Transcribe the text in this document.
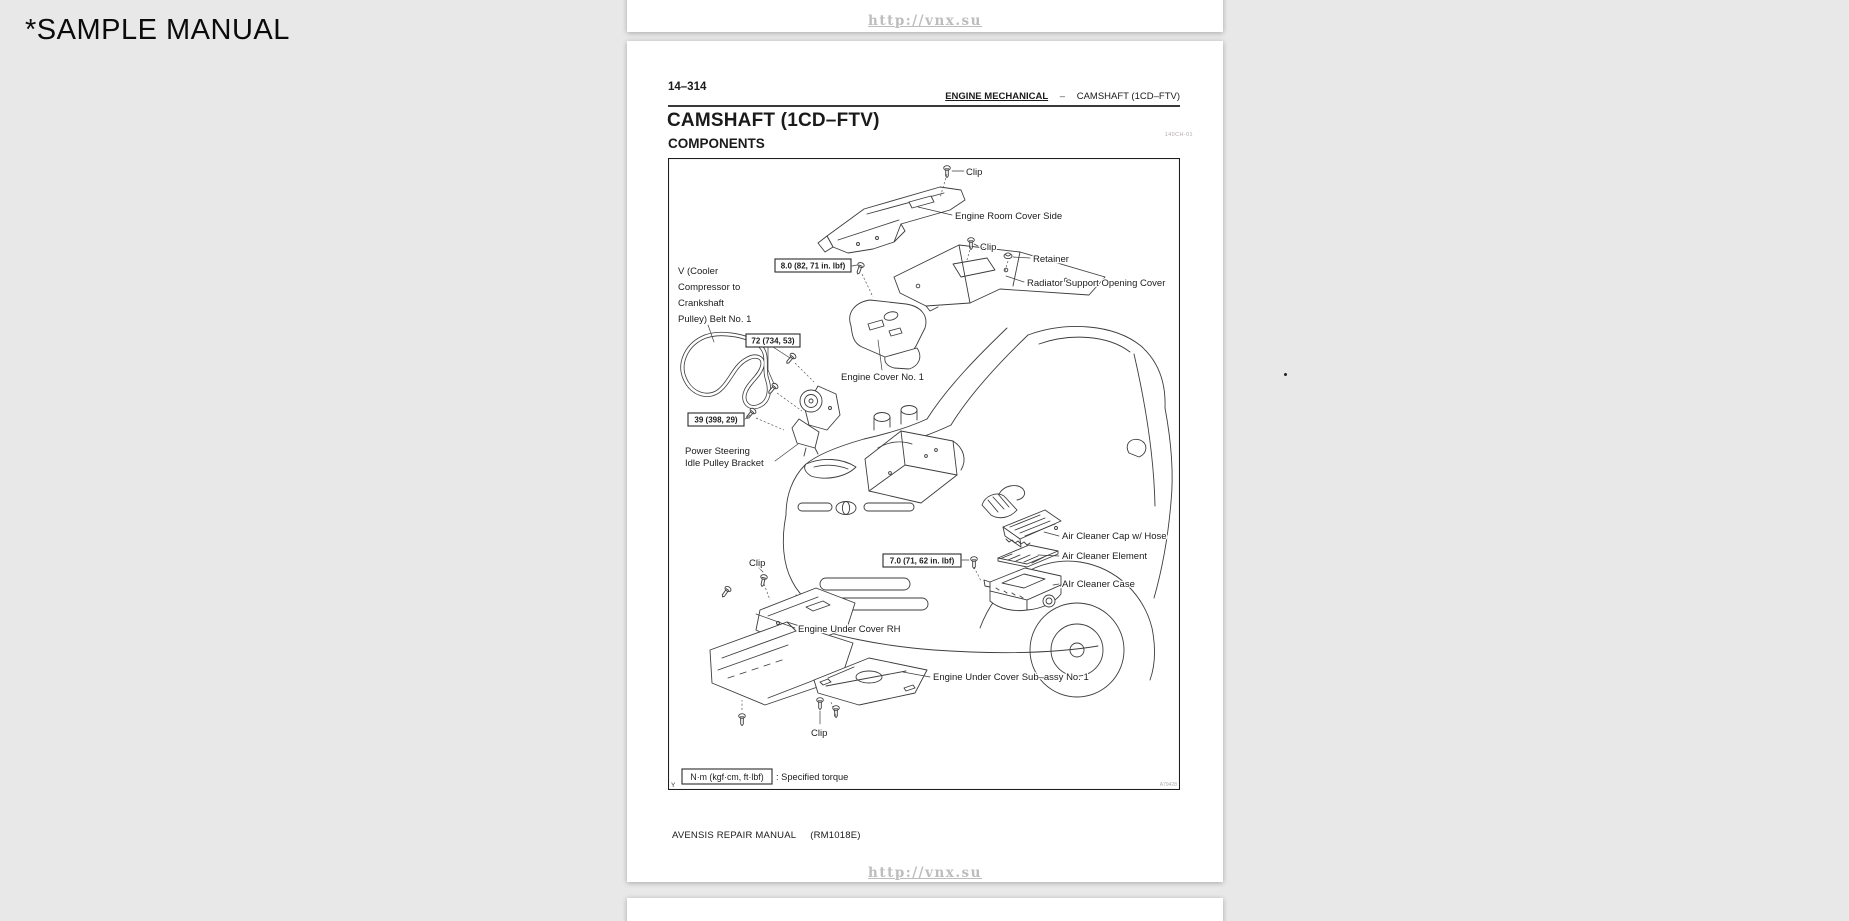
*SAMPLE MANUAL	http://vnx.su
14–314
ENGINE MECHANICAL – CAMSHAFT (1CD–FTV)
CAMSHAFT (1CD–FTV)
140CH-01
COMPONENTS
Clip
Engine Room Cover Side
Clip
Retainer
Radiator Support Opening Cover
V (Cooler
Compressor to
Crankshaft
Pulley) Belt No. 1
Engine Cover No. 1
Power Steering
Idle Pulley Bracket
Air Cleaner Cap w/ Hose
Air Cleaner Element
AIr Cleaner Case
Clip
Engine Under Cover RH
Engine Under Cover Sub–assy No. 1
Clip
8.0 (82, 71 in. lbf)
72 (734, 53)
39 (398, 29)
7.0 (71, 62 in. lbf)
Y
N·m (kgf·cm, ft·lbf) : Specified torque
A79428
AVENSIS REPAIR MANUAL (RM1018E)
http://vnx.su
